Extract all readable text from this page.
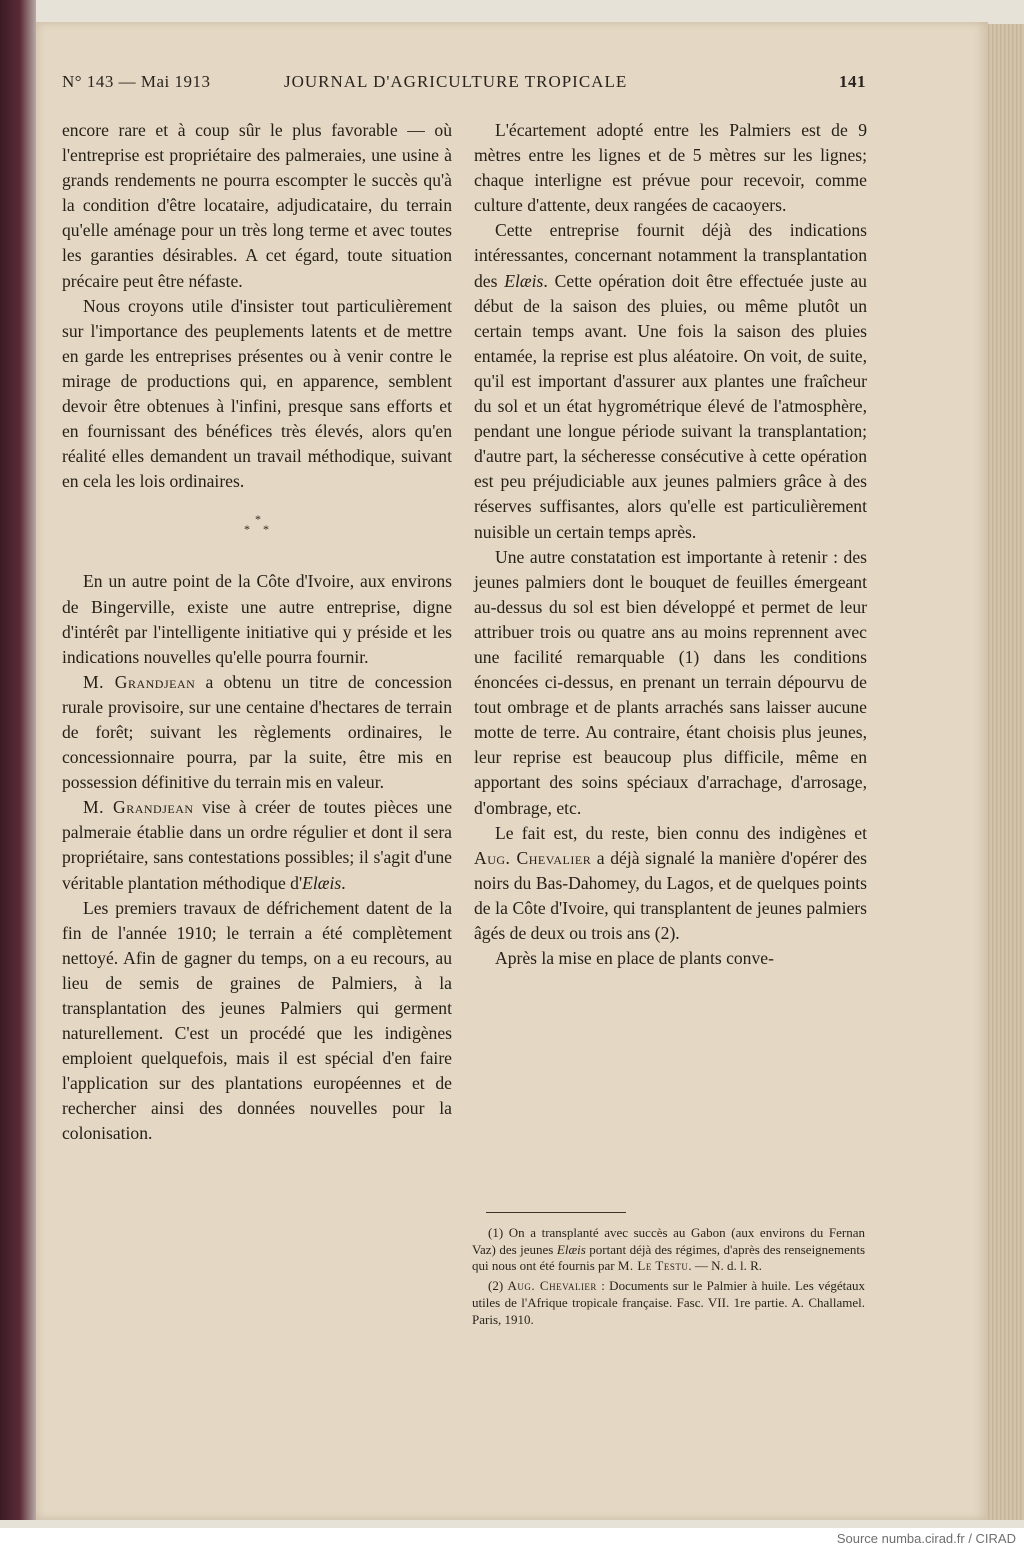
N° 143 — Mai 1913	JOURNAL D'AGRICULTURE TROPICALE	141

encore rare et à coup sûr le plus favorable — où l'entreprise est propriétaire des palmeraies, une usine à grands rendements ne pourra escompter le succès qu'à la condition d'être locataire, adjudicataire, du terrain qu'elle aménage pour un très long terme et avec toutes les garanties désirables. A cet égard, toute situation précaire peut être néfaste.

Nous croyons utile d'insister tout particulièrement sur l'importance des peuplements latents et de mettre en garde les entreprises présentes ou à venir contre le mirage de productions qui, en apparence, semblent devoir être obtenues à l'infini, presque sans efforts et en fournissant des bénéfices très élevés, alors qu'en réalité elles demandent un travail méthodique, suivant en cela les lois ordinaires.

*
* *

En un autre point de la Côte d'Ivoire, aux environs de Bingerville, existe une autre entreprise, digne d'intérêt par l'intelligente initiative qui y préside et les indications nouvelles qu'elle pourra fournir.

M. Grandjean a obtenu un titre de concession rurale provisoire, sur une centaine d'hectares de terrain de forêt; suivant les règlements ordinaires, le concessionnaire pourra, par la suite, être mis en possession définitive du terrain mis en valeur.

M. Grandjean vise à créer de toutes pièces une palmeraie établie dans un ordre régulier et dont il sera propriétaire, sans contestations possibles; il s'agit d'une véritable plantation méthodique d'Elæis.

Les premiers travaux de défrichement datent de la fin de l'année 1910; le terrain a été complètement nettoyé. Afin de gagner du temps, on a eu recours, au lieu de semis de graines de Palmiers, à la transplantation des jeunes Palmiers qui germent naturellement. C'est un procédé que les indigènes emploient quelquefois, mais il est spécial d'en faire l'application sur des plantations européennes et de rechercher ainsi des données nouvelles pour la colonisation.

L'écartement adopté entre les Palmiers est de 9 mètres entre les lignes et de 5 mètres sur les lignes; chaque interligne est prévue pour recevoir, comme culture d'attente, deux rangées de cacaoyers.

Cette entreprise fournit déjà des indications intéressantes, concernant notamment la transplantation des Elæis. Cette opération doit être effectuée juste au début de la saison des pluies, ou même plutôt un certain temps avant. Une fois la saison des pluies entamée, la reprise est plus aléatoire. On voit, de suite, qu'il est important d'assurer aux plantes une fraîcheur du sol et un état hygrométrique élevé de l'atmosphère, pendant une longue période suivant la transplantation; d'autre part, la sécheresse consécutive à cette opération est peu préjudiciable aux jeunes palmiers grâce à des réserves suffisantes, alors qu'elle est particulièrement nuisible un certain temps après.

Une autre constatation est importante à retenir : des jeunes palmiers dont le bouquet de feuilles émergeant au-dessus du sol est bien développé et permet de leur attribuer trois ou quatre ans au moins reprennent avec une facilité remarquable (1) dans les conditions énoncées ci-dessus, en prenant un terrain dépourvu de tout ombrage et de plants arrachés sans laisser aucune motte de terre. Au contraire, étant choisis plus jeunes, leur reprise est beaucoup plus difficile, même en apportant des soins spéciaux d'arrachage, d'arrosage, d'ombrage, etc.

Le fait est, du reste, bien connu des indigènes et Aug. Chevalier a déjà signalé la manière d'opérer des noirs du Bas-Dahomey, du Lagos, et de quelques points de la Côte d'Ivoire, qui transplantent de jeunes palmiers âgés de deux ou trois ans (2).

Après la mise en place de plants conve-

(1) On a transplanté avec succès au Gabon (aux environs du Fernan Vaz) des jeunes Elæis portant déjà des régimes, d'après des renseignements qui nous ont été fournis par M. Le Testu. — N. d. l. R.

(2) Aug. Chevalier : Documents sur le Palmier à huile. Les végétaux utiles de l'Afrique tropicale française. Fasc. VII. 1re partie. A. Challamel. Paris, 1910.

Source numba.cirad.fr / CIRAD
